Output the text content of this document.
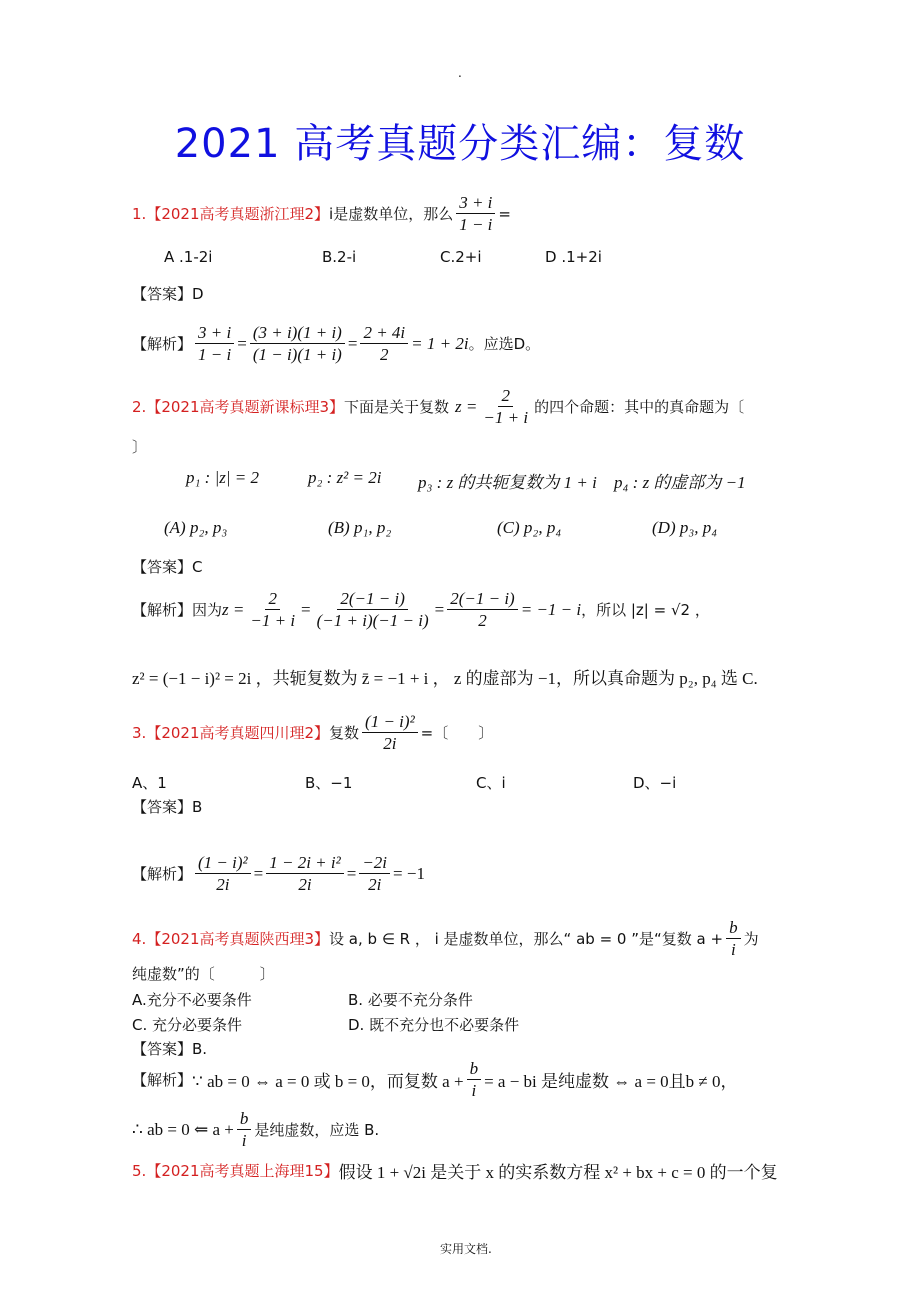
.
2021 高考真题分类汇编：复数
1. 【2021高考真题浙江理2】 i是虚数单位，那么 $\frac{3 + i}{1 - i}$ =
A .1-2i	B.2-i	C.2+i	D .1+2i
【答案】D
【解析】 $\frac{3 + i}{1 - i} = \frac{(3 + i)(1 + i)}{(1 - i)(1 + i)} = \frac{2 + 4i}{2} = 1 + 2i$ 。应选D。
2. 【2021高考真题新课标理3】 下面是关于复数 $z = \frac{2}{-1 + i}$ 的四个命题：其中的真命题为〔
〕
p₁ : |z| = 2	p₂ : z² = 2i p₃ : z 的共轭复数为 1 + i p₄ : z 的虚部为 −1
(A) p₂, p₃	(B) p₁, p₂	(C) p₂, p₄	(D) p₃, p₄
【答案】C
【解析】 因为 $z = \frac{2}{-1 + i} = \frac{2(-1 - i)}{(-1 + i)(-1 - i)} = \frac{2(-1 - i)}{2} = -1 - i$ ，所以 |z| = √2 ，
z² = (−1 − i)² = 2i ，共轭复数为 z̄ = −1 + i ， z 的虚部为 −1，所以真命题为 p₂, p₄ 选 C.
3. 【2021高考真题四川理2】 复数 $\frac{\text{(1 − i)²}}{2i}$ =〔　　〕
A、1	B、−1	C、i	D、−i
【答案】B
【解析】 $\frac{\text{(1 − i)²}}{2i} = \frac{\text{1 − 2i + i²}}{2i} = \frac{-2i}{2i} = -1$
4. 【2021高考真题陕西理3】 设 a, b ∈ R ， i 是虚数单位，那么“ ab = 0 ”是“复数 $a + \frac{b}{i}$ 为
纯虚数”的〔　　　〕
A.充分不必要条件	B. 必要不充分条件
C. 充分必要条件	D. 既不充分也不必要条件
【答案】B.
【解析】 ∵ ab = 0 ⇔ a = 0 或 b = 0，而复数 $a + \frac{b}{i} = a$ − bi 是纯虚数 ⇔ a = 0且b ≠ 0，
∴ ab = 0 ⇐ $a + \frac{b}{i}$ 是纯虚数，应选 B.
5. 【2021高考真题上海理15】 假设 1 + √2i 是关于 x 的实系数方程 x² + bx + c = 0 的一个复
实用文档.
